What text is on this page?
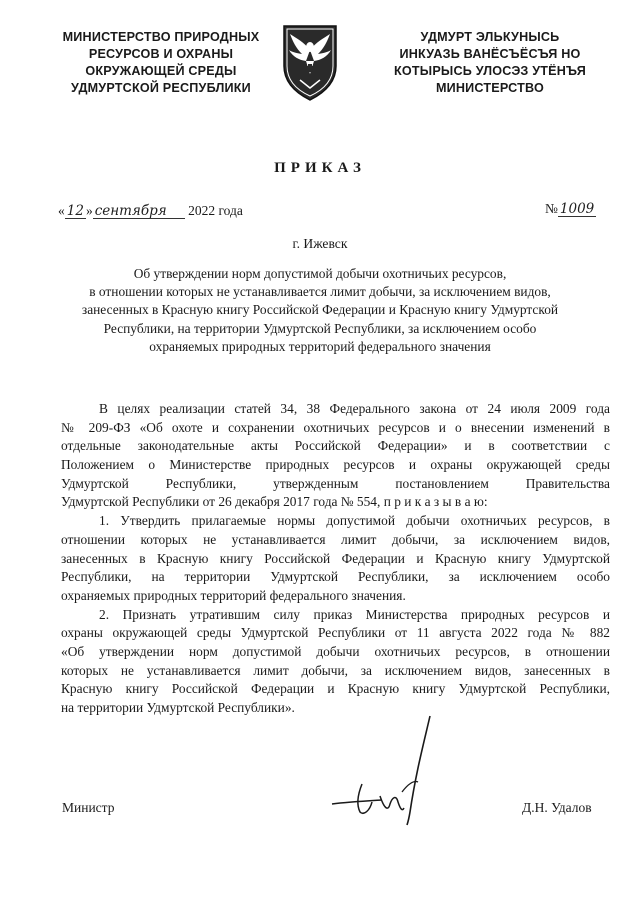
МИНИСТЕРСТВО ПРИРОДНЫХ
РЕСУРСОВ И ОХРАНЫ
ОКРУЖАЮЩЕЙ СРЕДЫ
УДМУРТСКОЙ РЕСПУБЛИКИ
УДМУРТ ЭЛЬКУНЫСЬ
ИНКУАЗЬ ВАНЁСЪЁСЪЯ НО
КОТЫРЫСЬ УЛОСЭЗ УТЁНЪЯ
МИНИСТЕРСТВО
ПРИКАЗ
« 12 » сентября 2022 года	№ 1009
г. Ижевск
Об утверждении норм допустимой добычи охотничьих ресурсов,
в отношении которых не устанавливается лимит добычи, за исключением видов,
занесенных в Красную книгу Российской Федерации и Красную книгу Удмуртской
Республики, на территории Удмуртской Республики, за исключением особо
охраняемых природных территорий федерального значения
В целях реализации статей 34, 38 Федерального закона от 24 июля 2009 года
№ 209-ФЗ «Об охоте и сохранении охотничьих ресурсов и о внесении изменений в
отдельные законодательные акты Российской Федерации» и в соответствии с
Положением о Министерстве природных ресурсов и охраны окружающей среды
Удмуртской Республики, утвержденным постановлением Правительства
Удмуртской Республики от 26 декабря 2017 года № 554, п р и к а з ы в а ю:
1. Утвердить прилагаемые нормы допустимой добычи охотничьих ресурсов, в
отношении которых не устанавливается лимит добычи, за исключением видов,
занесенных в Красную книгу Российской Федерации и Красную книгу Удмуртской
Республики, на территории Удмуртской Республики, за исключением особо
охраняемых природных территорий федерального значения.
2. Признать утратившим силу приказ Министерства природных ресурсов и
охраны окружающей среды Удмуртской Республики от 11 августа 2022 года № 882
«Об утверждении норм допустимой добычи охотничьих ресурсов, в отношении
которых не устанавливается лимит добычи, за исключением видов, занесенных в
Красную книгу Российской Федерации и Красную книгу Удмуртской Республики,
на территории Удмуртской Республики».
Министр	Д.Н. Удалов
